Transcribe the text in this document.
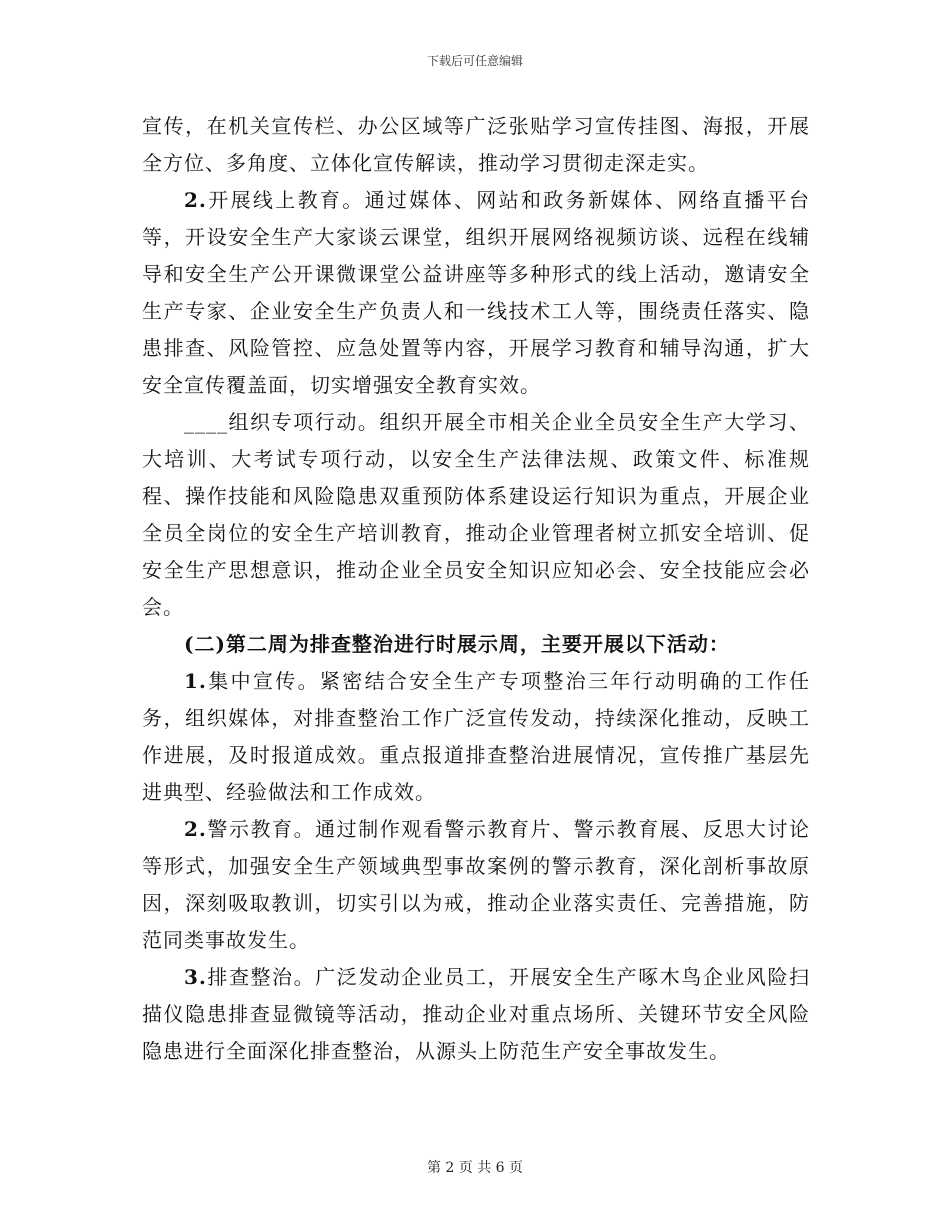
下载后可任意编辑

宣传，在机关宣传栏、办公区域等广泛张贴学习宣传挂图、海报，开展全方位、多角度、立体化宣传解读，推动学习贯彻走深走实。

2.开展线上教育。通过媒体、网站和政务新媒体、网络直播平台等，开设安全生产大家谈云课堂，组织开展网络视频访谈、远程在线辅导和安全生产公开课微课堂公益讲座等多种形式的线上活动，邀请安全生产专家、企业安全生产负责人和一线技术工人等，围绕责任落实、隐患排查、风险管控、应急处置等内容，开展学习教育和辅导沟通，扩大安全宣传覆盖面，切实增强安全教育实效。

____组织专项行动。组织开展全市相关企业全员安全生产大学习、大培训、大考试专项行动，以安全生产法律法规、政策文件、标准规程、操作技能和风险隐患双重预防体系建设运行知识为重点，开展企业全员全岗位的安全生产培训教育，推动企业管理者树立抓安全培训、促安全生产思想意识，推动企业全员安全知识应知必会、安全技能应会必会。

(二)第二周为排查整治进行时展示周，主要开展以下活动：

1.集中宣传。紧密结合安全生产专项整治三年行动明确的工作任务，组织媒体，对排查整治工作广泛宣传发动，持续深化推动，反映工作进展，及时报道成效。重点报道排查整治进展情况，宣传推广基层先进典型、经验做法和工作成效。

2.警示教育。通过制作观看警示教育片、警示教育展、反思大讨论等形式，加强安全生产领域典型事故案例的警示教育，深化剖析事故原因，深刻吸取教训，切实引以为戒，推动企业落实责任、完善措施，防范同类事故发生。

3.排查整治。广泛发动企业员工，开展安全生产啄木鸟企业风险扫描仪隐患排查显微镜等活动，推动企业对重点场所、关键环节安全风险隐患进行全面深化排查整治，从源头上防范生产安全事故发生。

第 2 页 共 6 页
